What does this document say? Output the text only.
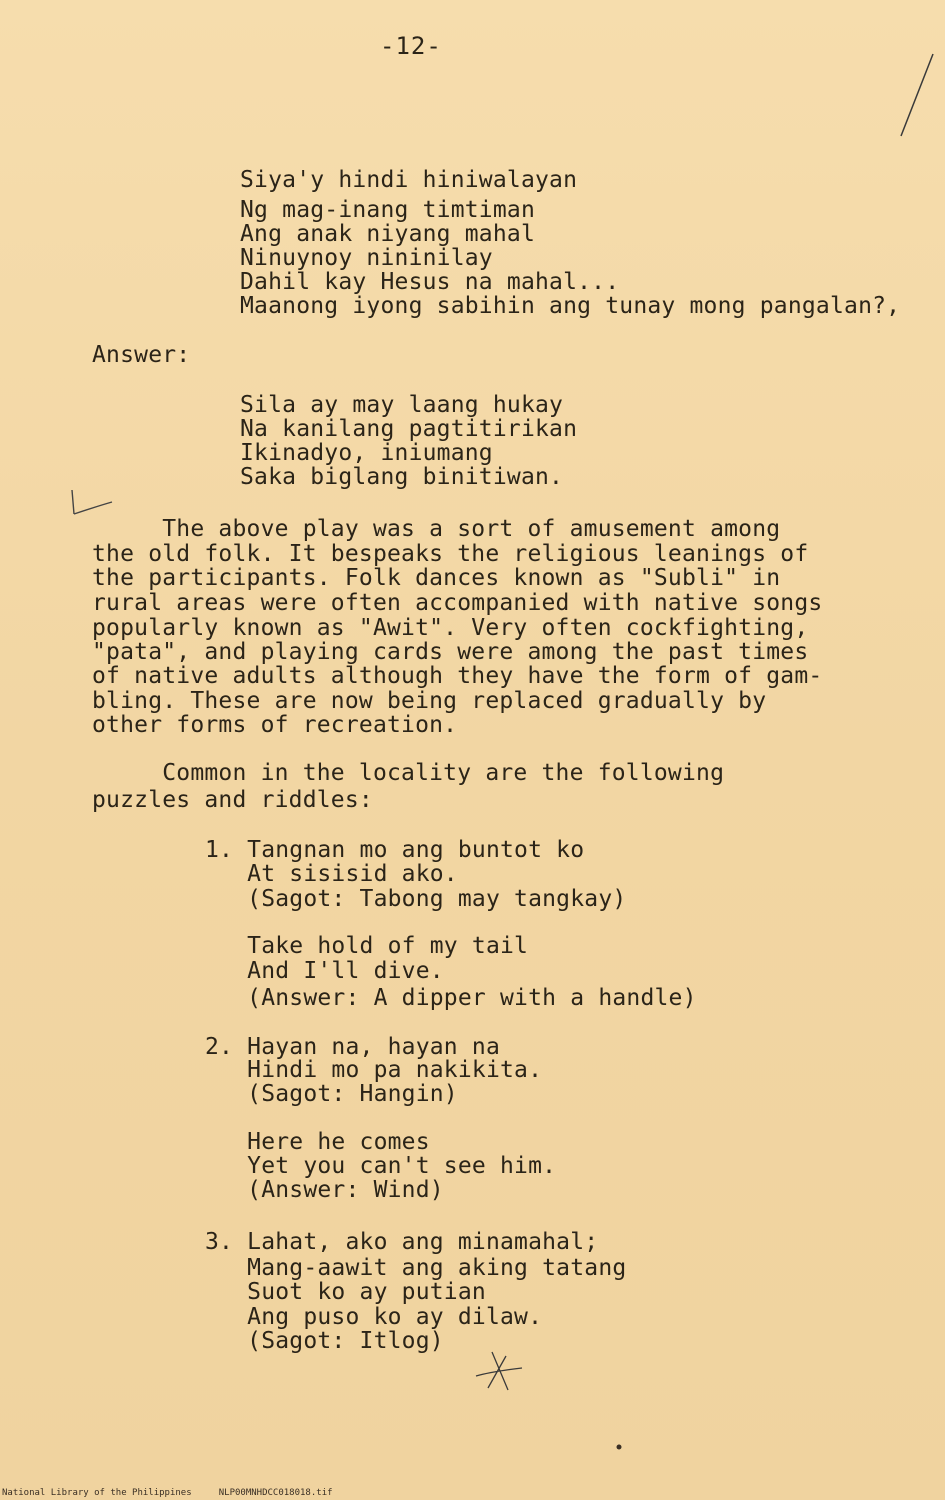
-12-
Siya'y hindi hiniwalayan
Ng mag-inang timtiman
Ang anak niyang mahal
Ninuynoy nininilay
Dahil kay Hesus na mahal...
Maanong iyong sabihin ang tunay mong pangalan?,
Answer:
Sila ay may laang hukay
Na kanilang pagtitirikan
Ikinadyo, iniumang
Saka biglang binitiwan.
The above play was a sort of amusement among
the old folk. It bespeaks the religious leanings of
the participants. Folk dances known as "Subli" in
rural areas were often accompanied with native songs
popularly known as "Awit". Very often cockfighting,
"pata", and playing cards were among the past times
of native adults although they have the form of gam-
bling. These are now being replaced gradually by
other forms of recreation.
Common in the locality are the following
puzzles and riddles:
1. Tangnan mo ang buntot ko
At sisisid ako.
(Sagot: Tabong may tangkay)
Take hold of my tail
And I'll dive.
(Answer: A dipper with a handle)
2. Hayan na, hayan na
Hindi mo pa nakikita.
(Sagot: Hangin)
Here he comes
Yet you can't see him.
(Answer: Wind)
3. Lahat, ako ang minamahal;
Mang-aawit ang aking tatang
Suot ko ay putian
Ang puso ko ay dilaw.
(Sagot: Itlog)
National Library of the Philippines     NLP00MNHDCC018018.tif
